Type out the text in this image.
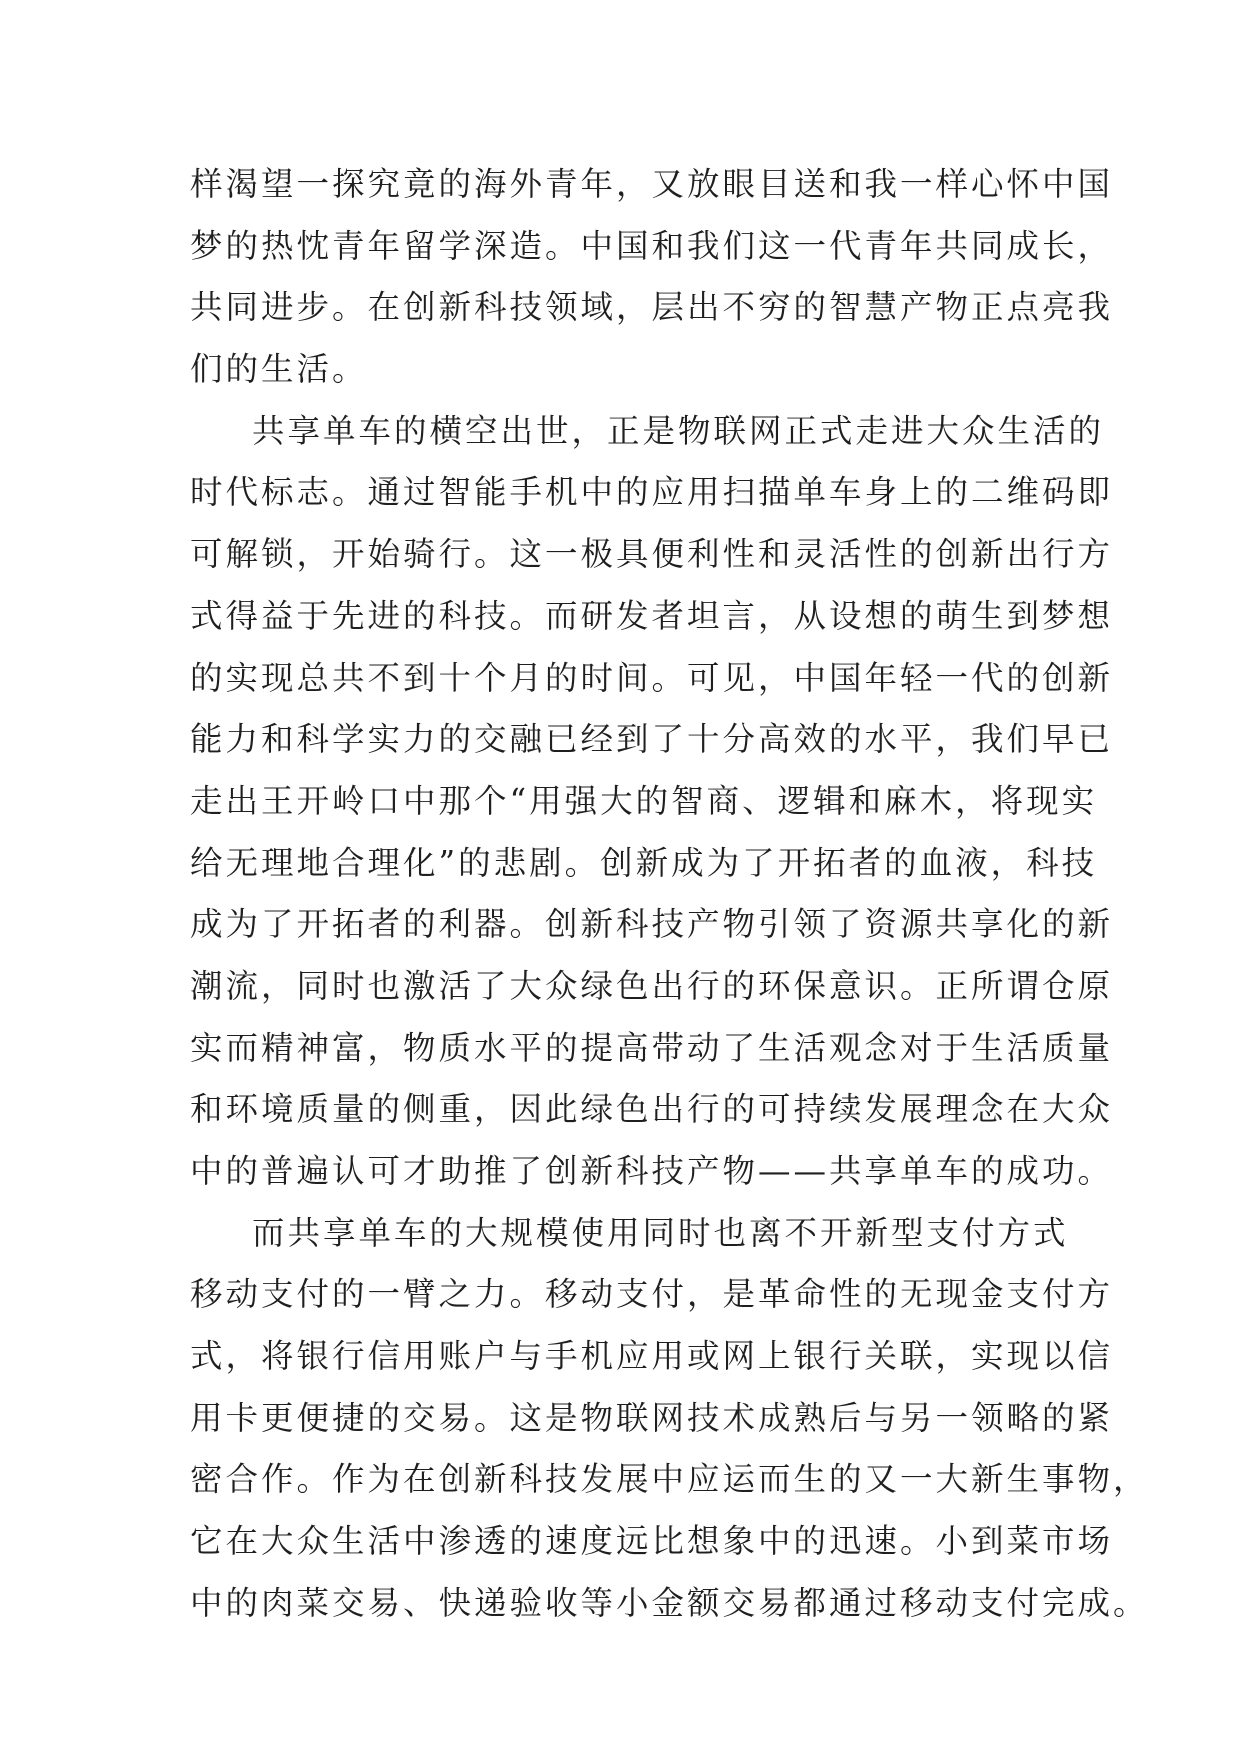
样渴望一探究竟的海外青年，又放眼目送和我一样心怀中国
梦的热忱青年留学深造。中国和我们这一代青年共同成长，
共同进步。在创新科技领域，层出不穷的智慧产物正点亮我
们的生活。
共享单车的横空出世，正是物联网正式走进大众生活的
时代标志。通过智能手机中的应用扫描单车身上的二维码即
可解锁，开始骑行。这一极具便利性和灵活性的创新出行方
式得益于先进的科技。而研发者坦言，从设想的萌生到梦想
的实现总共不到十个月的时间。可见，中国年轻一代的创新
能力和科学实力的交融已经到了十分高效的水平，我们早已
走出王开岭口中那个“用强大的智商、逻辑和麻木，将现实
给无理地合理化”的悲剧。创新成为了开拓者的血液，科技
成为了开拓者的利器。创新科技产物引领了资源共享化的新
潮流，同时也激活了大众绿色出行的环保意识。正所谓仓原
实而精神富，物质水平的提高带动了生活观念对于生活质量
和环境质量的侧重，因此绿色出行的可持续发展理念在大众
中的普遍认可才助推了创新科技产物——共享单车的成功。
而共享单车的大规模使用同时也离不开新型支付方式
移动支付的一臂之力。移动支付，是革命性的无现金支付方
式，将银行信用账户与手机应用或网上银行关联，实现以信
用卡更便捷的交易。这是物联网技术成熟后与另一领略的紧
密合作。作为在创新科技发展中应运而生的又一大新生事物，
它在大众生活中渗透的速度远比想象中的迅速。小到菜市场
中的肉菜交易、快递验收等小金额交易都通过移动支付完成。
